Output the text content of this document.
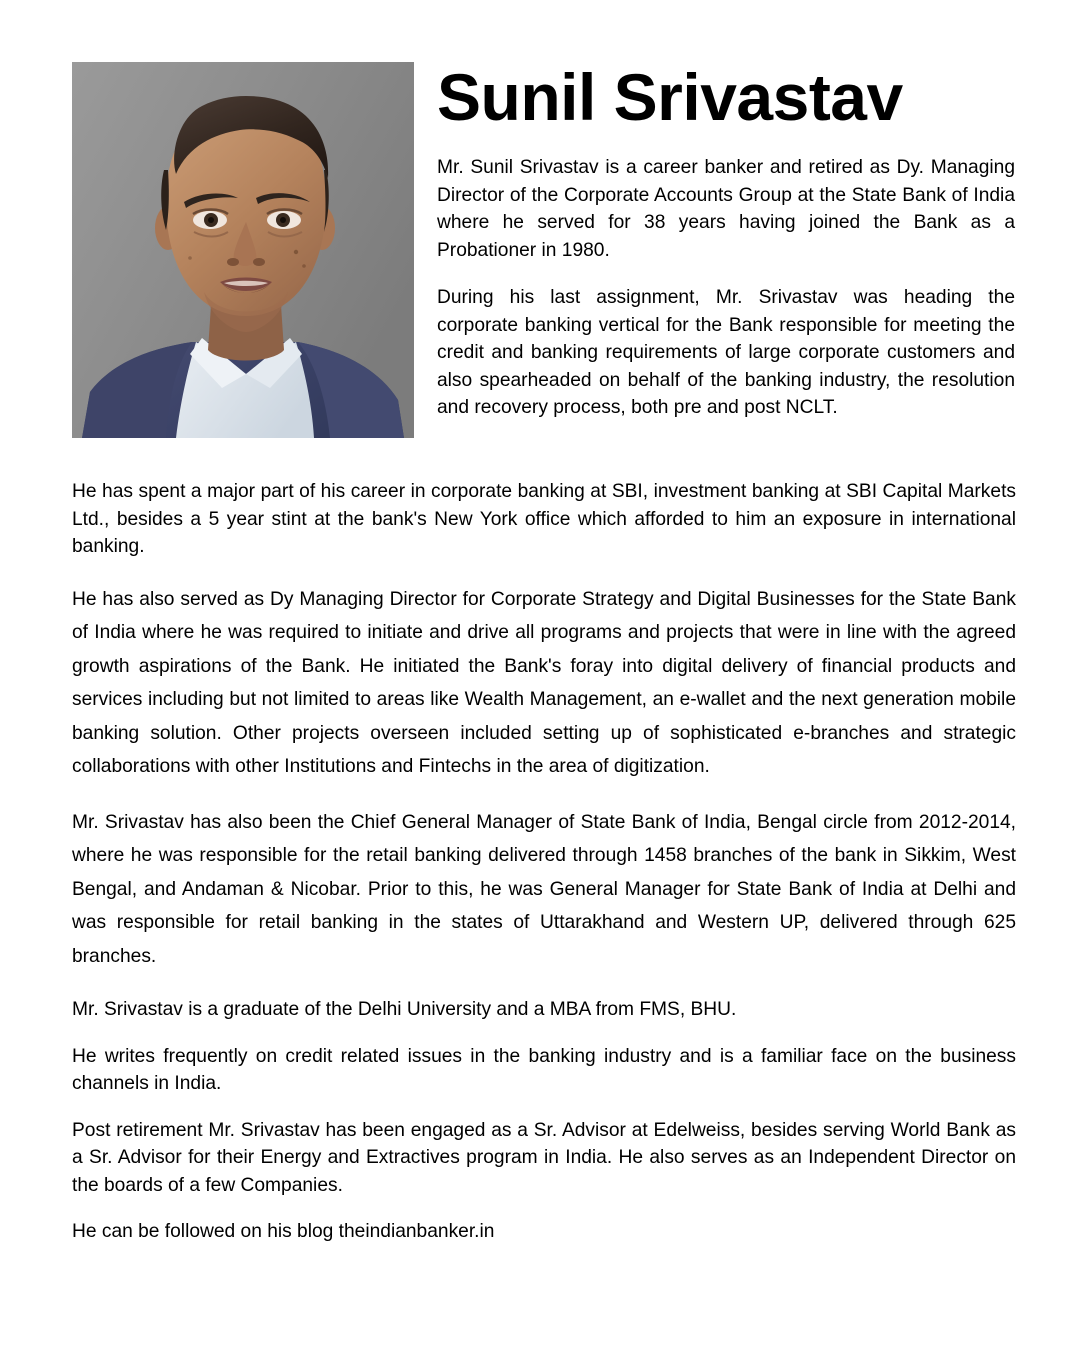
Sunil Srivastav

Mr. Sunil Srivastav is a career banker and retired as Dy. Managing Director of the Corporate Accounts Group at the State Bank of India where he served for 38 years having joined the Bank as a Probationer in 1980.

During his last assignment, Mr. Srivastav was heading the corporate banking vertical for the Bank responsible for meeting the credit and banking requirements of large corporate customers and also spearheaded on behalf of the banking industry, the resolution and recovery process, both pre and post NCLT.

He has spent a major part of his career in corporate banking at SBI, investment banking at SBI Capital Markets Ltd., besides a 5 year stint at the bank's New York office which afforded to him an exposure in international banking.

He has also served as Dy Managing Director for Corporate Strategy and Digital Businesses for the State Bank of India where he was required to initiate and drive all programs and projects that were in line with the agreed growth aspirations of the Bank. He initiated the Bank's foray into digital delivery of financial products and services including but not limited to areas like Wealth Management, an e-wallet and the next generation mobile banking solution. Other projects overseen included setting up of sophisticated e-branches and strategic collaborations with other Institutions and Fintechs in the area of digitization.

Mr. Srivastav has also been the Chief General Manager of State Bank of India, Bengal circle from 2012-2014, where he was responsible for the retail banking delivered through 1458 branches of the bank in Sikkim, West Bengal, and Andaman & Nicobar. Prior to this, he was General Manager for State Bank of India at Delhi and was responsible for retail banking in the states of Uttarakhand and Western UP, delivered through 625 branches.

Mr. Srivastav is a graduate of the Delhi University and a MBA from FMS, BHU.

He writes frequently on credit related issues in the banking industry and is a familiar face on the business channels in India.

Post retirement Mr. Srivastav has been engaged as a Sr. Advisor at Edelweiss, besides serving World Bank as a Sr. Advisor for their Energy and Extractives program in India. He also serves as an Independent Director on the boards of a few Companies.

He can be followed on his blog theindianbanker.in
